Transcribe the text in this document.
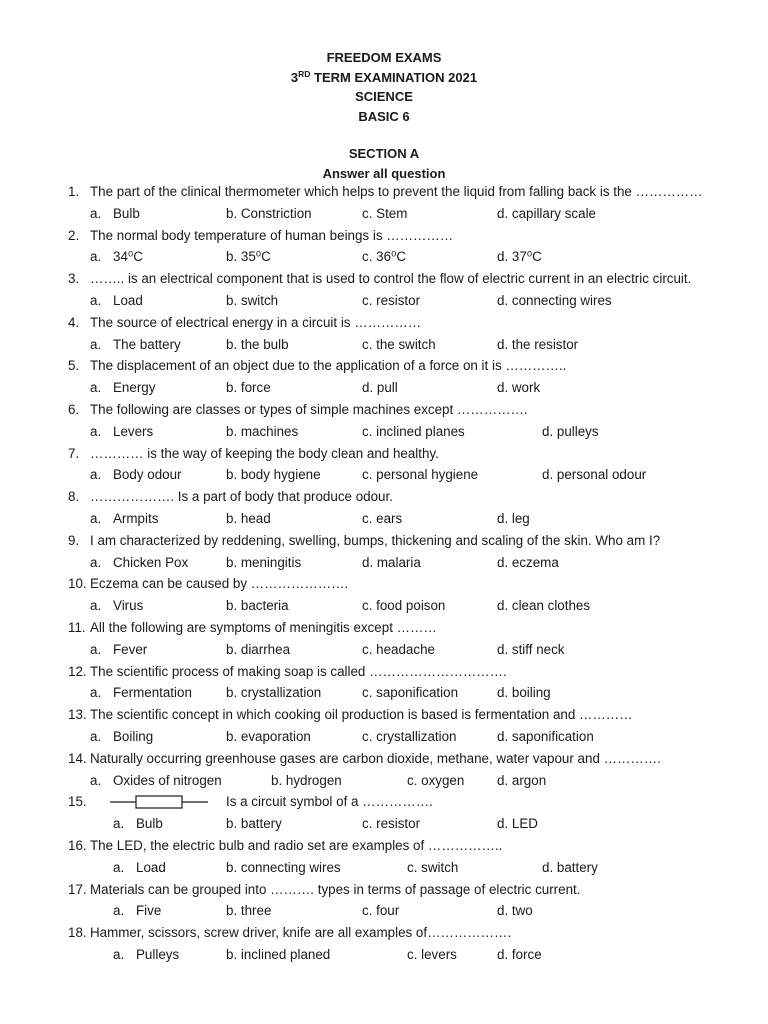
FREEDOM EXAMS
3RD TERM EXAMINATION 2021
SCIENCE
BASIC 6
SECTION A
Answer all question
1. The part of the clinical thermometer which helps to prevent the liquid from falling back is the ……………
a. Bulb	b. Constriction	c. Stem	d. capillary scale
2. The normal body temperature of human beings is ……………
a. 34⁰C	b. 35⁰C	c. 36⁰C	d. 37⁰C
3. …….. is an electrical component that is used to control the flow of electric current in an electric circuit.
a. Load	b. switch	c. resistor	d. connecting wires
4. The source of electrical energy in a circuit is ……………
a. The battery	b. the bulb	c. the switch	d. the resistor
5. The displacement of an object due to the application of a force on it is …………..
a. Energy	b. force	d. pull	d. work
6. The following are classes or types of simple machines except …………….
a. Levers	b. machines	c. inclined planes	d. pulleys
7. ………… is the way of keeping the body clean and healthy.
a. Body odour	b. body hygiene	c. personal hygiene	d. personal odour
8. ………………. Is a part of body that produce odour.
a. Armpits	b. head	c. ears	d. leg
9. I am characterized by reddening, swelling, bumps, thickening and scaling of the skin. Who am I?
a. Chicken Pox	b. meningitis	d. malaria	d. eczema
10. Eczema can be caused by ………………….
a. Virus	b. bacteria	c. food poison	d. clean clothes
11. All the following are symptoms of meningitis except ………
a. Fever	b. diarrhea	c. headache	d. stiff neck
12. The scientific process of making soap is called ………………………….
a. Fermentation	b. crystallization	c. saponification	d. boiling
13. The scientific concept in which cooking oil production is based is fermentation and …………
a. Boiling	b. evaporation	c. crystallization	d. saponification
14. Naturally occurring greenhouse gases are carbon dioxide, methane, water vapour and ………….
a. Oxides of nitrogen	b. hydrogen	c. oxygen d. argon
15.	Is a circuit symbol of a …………….
a. Bulb	b. battery	c. resistor	d. LED
16. The LED, the electric bulb and radio set are examples of ……………..
a. Load	b. connecting wires	c. switch	d. battery
17. Materials can be grouped into ………. types in terms of passage of electric current.
a. Five	b. three	c. four	d. two
18. Hammer, scissors, screw driver, knife are all examples of……………….
a. Pulleys	b. inclined planed	c. levers	d. force
